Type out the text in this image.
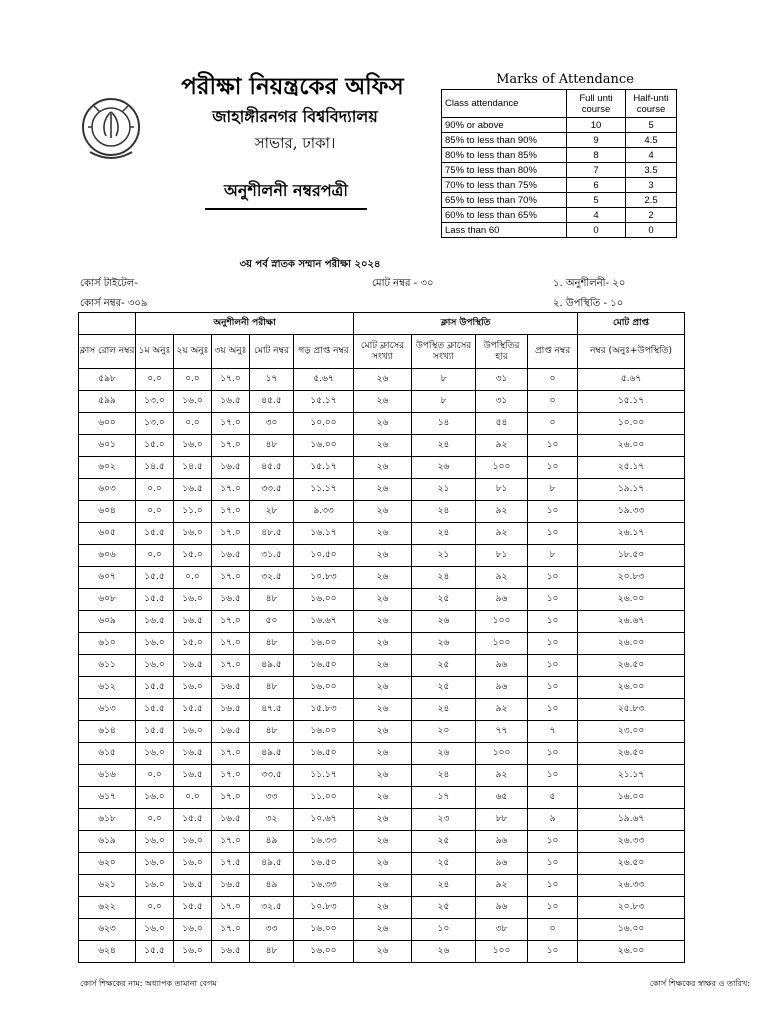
পরীক্ষা নিয়ন্ত্রকের অফিস
জাহাঙ্গীরনগর বিশ্ববিদ্যালয়
সাভার, ঢাকা।
অনুশীলনী নম্বরপত্রী
Marks of Attendance
Class attendance	Full unti course	Half-unti course
90% or above	10	5
85% to less than 90%	9	4.5
80% to less than 85%	8	4
75% to less than 80%	7	3.5
70% to less than 75%	6	3
65% to less than 70%	5	2.5
60% to less than 65%	4	2
Lass than 60	0	0
৩য় পর্ব স্নাতক সম্মান পরীক্ষা ২০২৪
কোর্স টাইটেল-	মোট নম্বর - ৩০	১. অনুশীলনী- ২০
কোর্স নম্বর- ৩০৯	২. উপস্থিতি - ১০
	অনুশীলনী পরীক্ষা					ক্লাস উপস্থিতি				মোট প্রাপ্ত
ক্লাস রোল নম্বর	১ম অনুঃ	২য় অনুঃ	৩য় অনুঃ	মোট নম্বর	গড় প্রাপ্ত নম্বর	মোট ক্লাসের সংখ্যা	উপস্থিত ক্লাসের সংখ্যা	উপস্থিতির হার	প্রাপ্ত নম্বর	নম্বর (অনুঃ+উপস্থিতি)
৫৯৮	০.০	০.০	১৭.০	১৭	৫.৬৭	২৬	৮	৩১	০	৫.৬৭
৫৯৯	১৩.০	১৬.০	১৬.৫	৪৫.৫	১৫.১৭	২৬	৮	৩১	০	১৫.১৭
৬০০	১৩.০	০.০	১৭.০	৩০	১০.০০	২৬	১৪	৫৪	০	১০.০০
৬০১	১৫.০	১৬.০	১৭.০	৪৮	১৬.০০	২৬	২৪	৯২	১০	২৬.০০
৬০২	১৪.৫	১৪.৫	১৬.৫	৪৫.৫	১৫.১৭	২৬	২৬	১০০	১০	২৫.১৭
৬০৩	০.০	১৬.৫	১৭.০	৩৩.৫	১১.১৭	২৬	২১	৮১	৮	১৯.১৭
৬০৪	০.০	১১.০	১৭.০	২৮	৯.৩৩	২৬	২৪	৯২	১০	১৯.৩৩
৬০৫	১৫.৫	১৬.০	১৭.০	৪৮.৫	১৬.১৭	২৬	২৪	৯২	১০	২৬.১৭
৬০৬	০.০	১৫.০	১৬.৫	৩১.৫	১০.৫০	২৬	২১	৮১	৮	১৮.৫০
৬০৭	১৫.৫	০.০	১৭.০	৩২.৫	১০.৮৩	২৬	২৪	৯২	১০	২০.৮৩
৬০৮	১৫.৫	১৬.০	১৬.৫	৪৮	১৬.০০	২৬	২৫	৯৬	১০	২৬.০০
৬০৯	১৬.৫	১৬.৫	১৭.০	৫০	১৬.৬৭	২৬	২৬	১০০	১০	২৬.৬৭
৬১০	১৬.০	১৫.০	১৭.০	৪৮	১৬.০০	২৬	২৬	১০০	১০	২৬.০০
৬১১	১৬.০	১৬.৫	১৭.০	৪৯.৫	১৬.৫০	২৬	২৫	৯৬	১০	২৬.৫০
৬১২	১৫.৫	১৬.০	১৬.৫	৪৮	১৬.০০	২৬	২৫	৯৬	১০	২৬.০০
৬১৩	১৫.৫	১৫.৫	১৬.৫	৪৭.৫	১৫.৮৩	২৬	২৪	৯২	১০	২৫.৮৩
৬১৪	১৫.৫	১৬.০	১৬.৫	৪৮	১৬.০০	২৬	২০	৭৭	৭	২৩.০০
৬১৫	১৬.০	১৬.৫	১৭.০	৪৯.৫	১৬.৫০	২৬	২৬	১০০	১০	২৬.৫০
৬১৬	০.০	১৬.৫	১৭.০	৩৩.৫	১১.১৭	২৬	২৪	৯২	১০	২১.১৭
৬১৭	১৬.০	০.০	১৭.০	৩৩	১১.০০	২৬	১৭	৬৫	৫	১৬.০০
৬১৮	০.০	১৫.৫	১৬.৫	৩২	১০.৬৭	২৬	২৩	৮৮	৯	১৯.৬৭
৬১৯	১৬.০	১৬.০	১৭.০	৪৯	১৬.৩৩	২৬	২৫	৯৬	১০	২৬.৩৩
৬২০	১৬.০	১৬.০	১৭.৫	৪৯.৫	১৬.৫০	২৬	২৫	৯৬	১০	২৬.৫০
৬২১	১৬.০	১৬.৫	১৬.৫	৪৯	১৬.৩৩	২৬	২৪	৯২	১০	২৬.৩৩
৬২২	০.০	১৫.৫	১৭.০	৩২.৫	১০.৮৩	২৬	২৫	৯৬	১০	২০.৮৩
৬২৩	১৬.০	১৬.০	১৭.০	৩৩	১৬.০০	২৬	১০	৩৮	০	১৬.০০
৬২৪	১৫.৫	১৬.০	১৬.৫	৪৮	১৬.০০	২৬	২৬	১০০	১০	২৬.০০
কোর্স শিক্ষকের নাম: অধ্যাপক তামানা বেগম	কোর্স শিক্ষকের স্বাক্ষর ও তারিখ:
